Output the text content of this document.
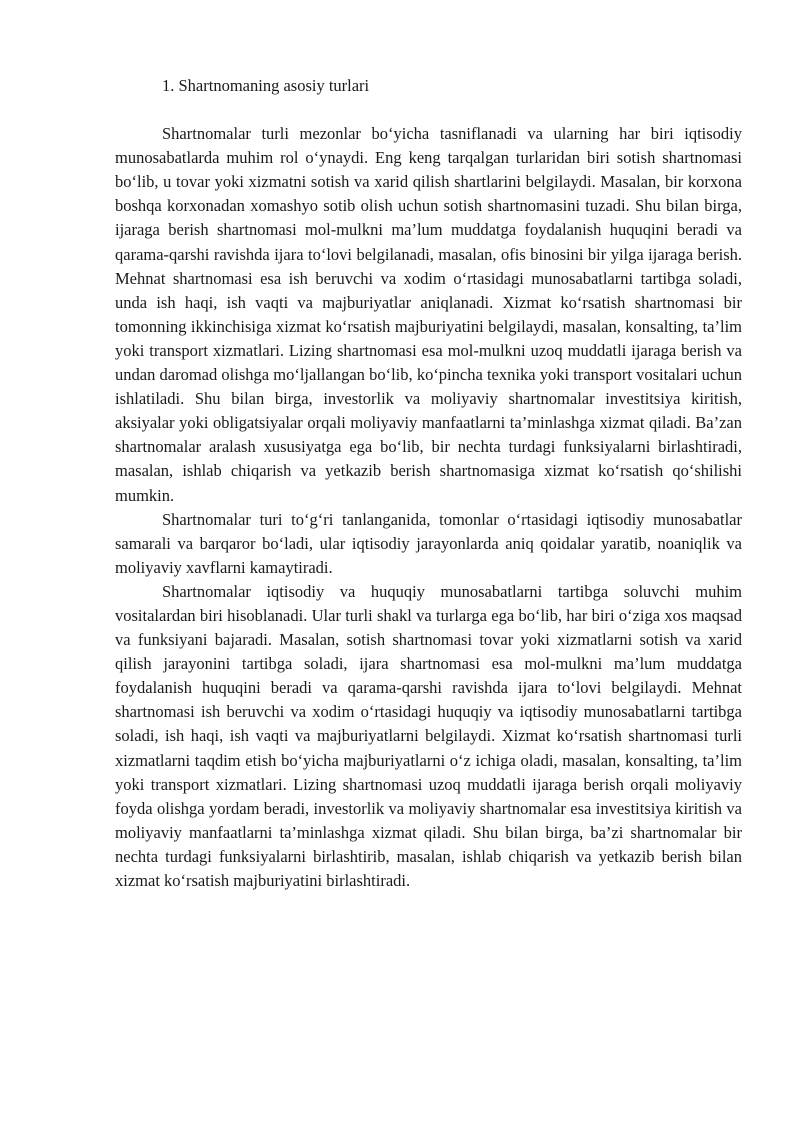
1. Shartnomaning asosiy turlari

Shartnomalar turli mezonlar bo‘yicha tasniflanadi va ularning har biri iqtisodiy munosabatlarda muhim rol o‘ynaydi. Eng keng tarqalgan turlaridan biri sotish shartnomasi bo‘lib, u tovar yoki xizmatni sotish va xarid qilish shartlarini belgilaydi. Masalan, bir korxona boshqa korxonadan xomashyo sotib olish uchun sotish shartnomasini tuzadi. Shu bilan birga, ijaraga berish shartnomasi mol-mulkni ma’lum muddatga foydalanish huquqini beradi va qarama-qarshi ravishda ijara to‘lovi belgilanadi, masalan, ofis binosini bir yilga ijaraga berish. Mehnat shartnomasi esa ish beruvchi va xodim o‘rtasidagi munosabatlarni tartibga soladi, unda ish haqi, ish vaqti va majburiyatlar aniqlanadi. Xizmat ko‘rsatish shartnomasi bir tomonning ikkinchisiga xizmat ko‘rsatish majburiyatini belgilaydi, masalan, konsalting, ta’lim yoki transport xizmatlari. Lizing shartnomasi esa mol-mulkni uzoq muddatli ijaraga berish va undan daromad olishga mo‘ljallangan bo‘lib, ko‘pincha texnika yoki transport vositalari uchun ishlatiladi. Shu bilan birga, investorlik va moliyaviy shartnomalar investitsiya kiritish, aksiyalar yoki obligatsiyalar orqali moliyaviy manfaatlarni ta’minlashga xizmat qiladi. Ba’zan shartnomalar aralash xususiyatga ega bo‘lib, bir nechta turdagi funksiyalarni birlashtiradi, masalan, ishlab chiqarish va yetkazib berish shartnomasiga xizmat ko‘rsatish qo‘shilishi mumkin.

Shartnomalar turi to‘g‘ri tanlanganida, tomonlar o‘rtasidagi iqtisodiy munosabatlar samarali va barqaror bo‘ladi, ular iqtisodiy jarayonlarda aniq qoidalar yaratib, noaniqlik va moliyaviy xavflarni kamaytiradi.

Shartnomalar iqtisodiy va huquqiy munosabatlarni tartibga soluvchi muhim vositalardan biri hisoblanadi. Ular turli shakl va turlarga ega bo‘lib, har biri o‘ziga xos maqsad va funksiyani bajaradi. Masalan, sotish shartnomasi tovar yoki xizmatlarni sotish va xarid qilish jarayonini tartibga soladi, ijara shartnomasi esa mol-mulkni ma’lum muddatga foydalanish huquqini beradi va qarama-qarshi ravishda ijara to‘lovi belgilaydi. Mehnat shartnomasi ish beruvchi va xodim o‘rtasidagi huquqiy va iqtisodiy munosabatlarni tartibga soladi, ish haqi, ish vaqti va majburiyatlarni belgilaydi. Xizmat ko‘rsatish shartnomasi turli xizmatlarni taqdim etish bo‘yicha majburiyatlarni o‘z ichiga oladi, masalan, konsalting, ta’lim yoki transport xizmatlari. Lizing shartnomasi uzoq muddatli ijaraga berish orqali moliyaviy foyda olishga yordam beradi, investorlik va moliyaviy shartnomalar esa investitsiya kiritish va moliyaviy manfaatlarni ta’minlashga xizmat qiladi. Shu bilan birga, ba’zi shartnomalar bir nechta turdagi funksiyalarni birlashtirib, masalan, ishlab chiqarish va yetkazib berish bilan xizmat ko‘rsatish majburiyatini birlashtiradi.
